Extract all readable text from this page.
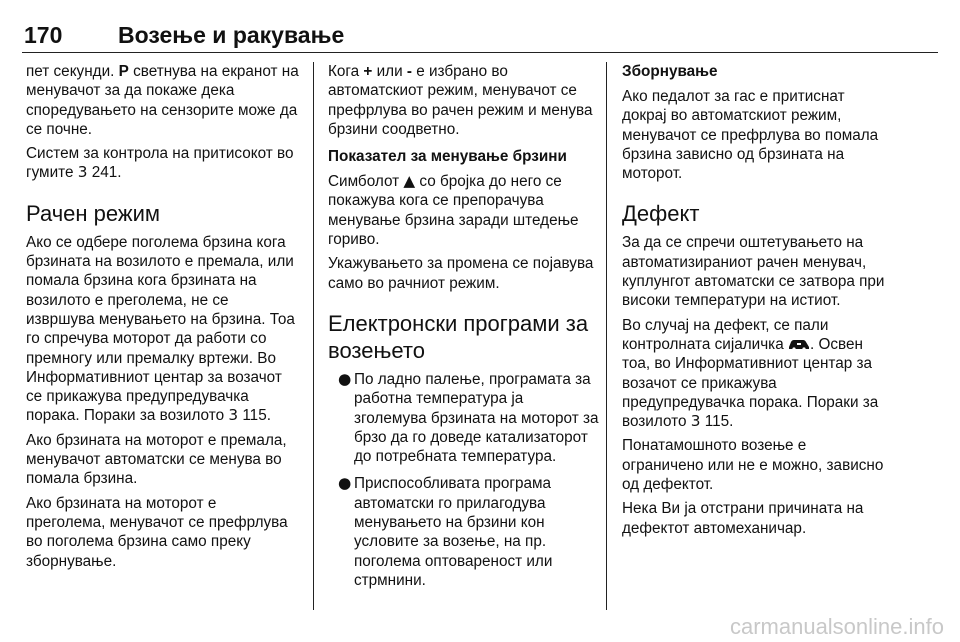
170 Возење и ракување

пет секунди. P светнува на екранот на менувачот за да покаже дека споредувањето на сензорите може да се почне.

Систем за контрола на притисокот во гумите 3 241.

Рачен режим

Ако се одбере поголема брзина кога брзината на возилото е премала, или помала брзина кога брзината на возилото е преголема, не се извршува менувањето на брзина. Тоа го спречува моторот да работи со премногу или премалку вртежи. Во Информативниот центар за возачот се прикажува предупредувачка порака. Пораки за возилото 3 115.

Ако брзината на моторот е премала, менувачот автоматски се менува во помала брзина.

Ако брзината на моторот е преголема, менувачот се префрлува во поголема брзина само преку зборнување.

Кога + или - е избрано во автоматскиот режим, менувачот се префрлува во рачен режим и менува брзини соодветно.

Показател за менување брзини

Симболот ▲ со бројка до него се покажува кога се препорачува менување брзина заради штедење гориво.

Укажувањето за промена се појавува само во рачниот режим.

Електронски програми за возењето
● По ладно палење, програмата за работна температура ја зголемува брзината на моторот за брзо да го доведе катализаторот до потребната температура.
● Приспособливата програма автоматски го прилагодува менувањето на брзини кон условите за возење, на пр. поголема оптовареност или стрмнини.
Зборнување

Ако педалот за гас е притиснат докрај во автоматскиот режим, менувачот се префрлува во помала брзина зависно од брзината на моторот.

Дефект

За да се спречи оштетувањето на автоматизираниот рачен менувач, куплунгот автоматски се затвора при високи температури на истиот.

Во случај на дефект, се пали контролната сијаличка . Освен тоа, во Информативниот центар за возачот се прикажува предупредувачка порака. Пораки за возилото 3 115.

Понатамошното возење е ограничено или не е можно, зависно од дефектот.

Нека Ви ја отстрани причината на дефектот автомеханичар.

carmanualsonline.info
